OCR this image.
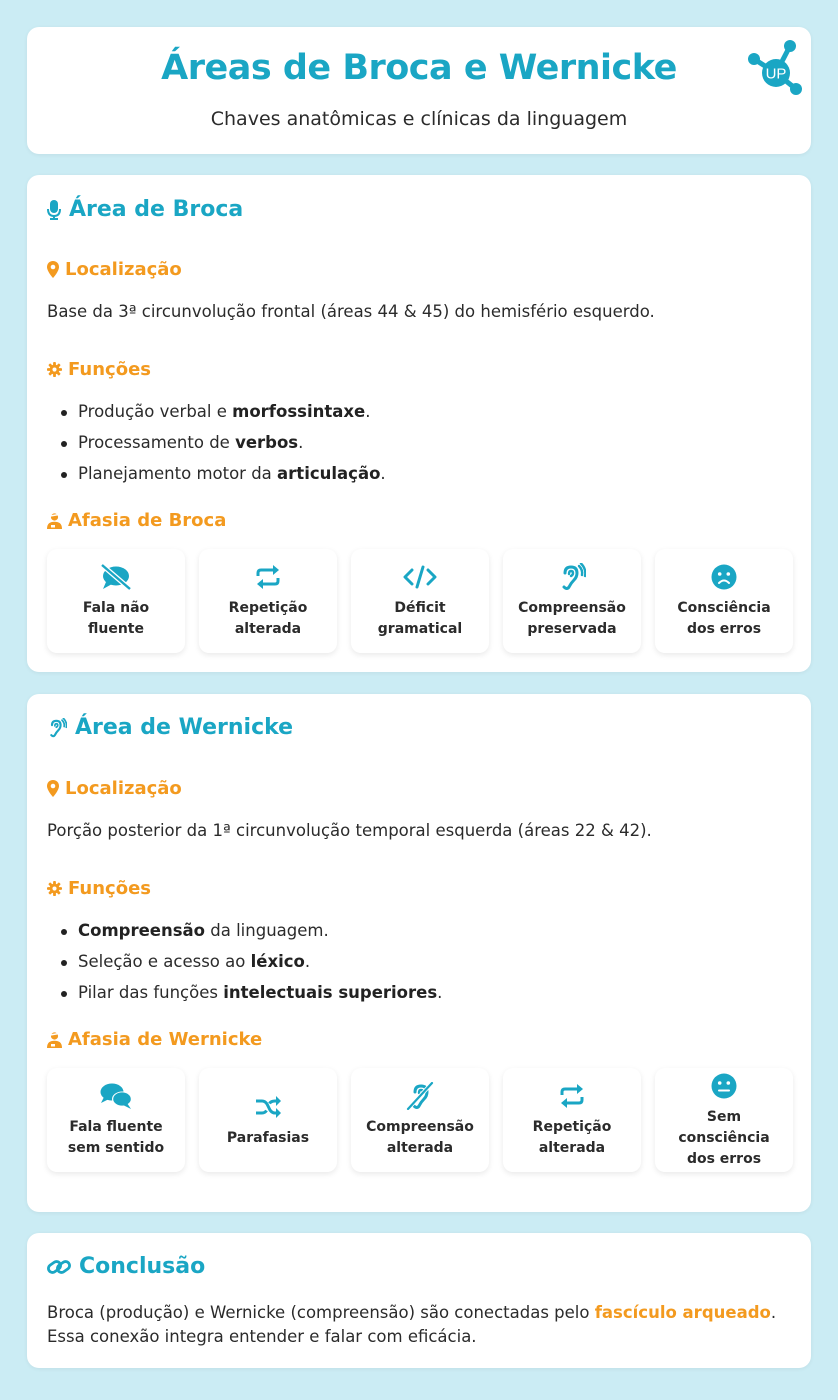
Áreas de Broca e Wernicke
Chaves anatômicas e clínicas da linguagem
UP
Área de Broca
Localização
Base da 3ª circunvolução frontal (áreas 44 & 45) do hemisfério esquerdo.
Funções
Produção verbal e morfossintaxe.
Processamento de verbos.
Planejamento motor da articulação.
Afasia de Broca
Fala não fluente
Repetição alterada
Déficit gramatical
Compreensão preservada
Consciência dos erros
Área de Wernicke
Localização
Porção posterior da 1ª circunvolução temporal esquerda (áreas 22 & 42).
Funções
Compreensão da linguagem.
Seleção e acesso ao léxico.
Pilar das funções intelectuais superiores.
Afasia de Wernicke
Fala fluente sem sentido
Parafasias
Compreensão alterada
Repetição alterada
Sem consciência dos erros
Conclusão
Broca (produção) e Wernicke (compreensão) são conectadas pelo fascículo arqueado. Essa conexão integra entender e falar com eficácia.
